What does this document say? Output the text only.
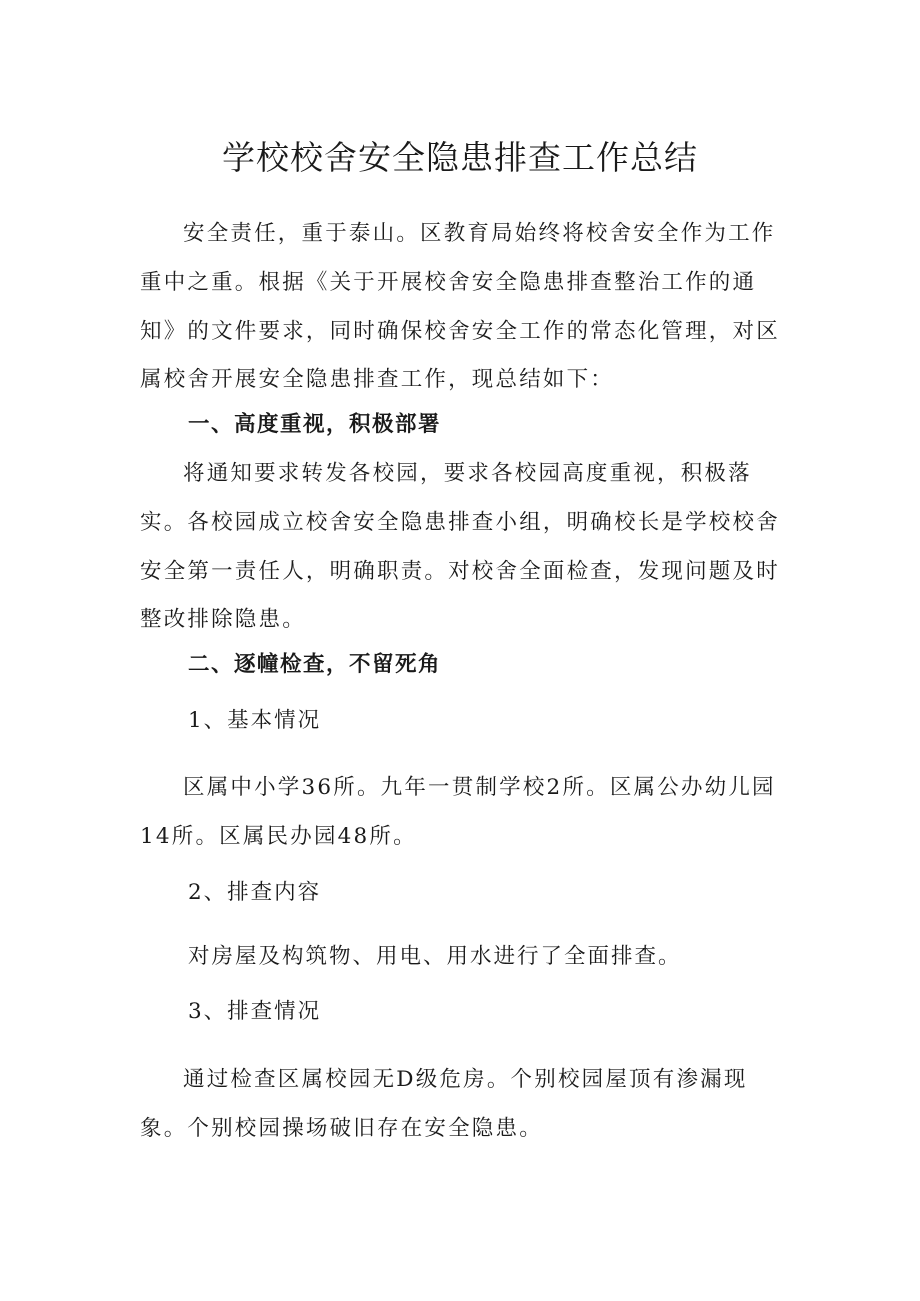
学校校舍安全隐患排查工作总结

安全责任，重于泰山。区教育局始终将校舍安全作为工作重中之重。根据《关于开展校舍安全隐患排查整治工作的通知》的文件要求，同时确保校舍安全工作的常态化管理，对区属校舍开展安全隐患排查工作，现总结如下：

一、高度重视，积极部署

将通知要求转发各校园，要求各校园高度重视，积极落实。各校园成立校舍安全隐患排查小组，明确校长是学校校舍安全第一责任人，明确职责。对校舍全面检查，发现问题及时整改排除隐患。

二、逐幢检查，不留死角
1、基本情况

区属中小学36所。九年一贯制学校2所。区属公办幼儿园14所。区属民办园48所。

2、排查内容
对房屋及构筑物、用电、用水进行了全面排查。
3、排查情况

通过检查区属校园无D级危房。个别校园屋顶有渗漏现象。个别校园操场破旧存在安全隐患。
